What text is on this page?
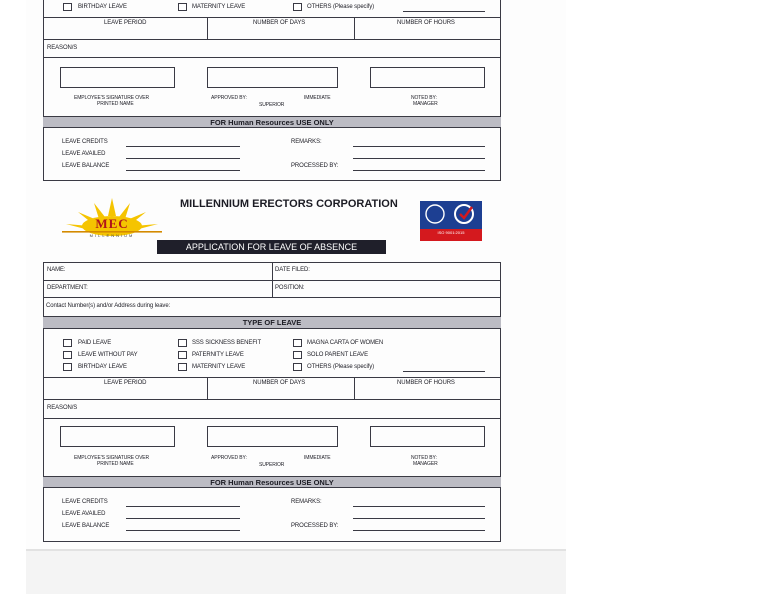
BIRTHDAY LEAVE	MATERNITY LEAVE	OTHERS (Please specify)
LEAVE PERIOD	NUMBER OF DAYS	NUMBER OF HOURS
REASON/S
EMPLOYEE'S SIGNATURE OVER
PRINTED NAME
APPROVED BY:	IMMEDIATE
SUPERIOR
NOTED BY:
MANAGER
FOR Human Resources USE ONLY
LEAVE CREDITS
LEAVE AVAILED
LEAVE BALANCE
REMARKS:
PROCESSED BY:
MEC
MILLENNIUM
MILLENNIUM ERECTORS CORPORATION
APPLICATION FOR LEAVE OF ABSENCE
ISO 9001:2015
NAME:	DATE FILED:
DEPARTMENT:	POSITION:
Contact Number(s) and/or Address during leave:
TYPE OF LEAVE
PAID LEAVE
LEAVE WITHOUT PAY
BIRTHDAY LEAVE
SSS SICKNESS BENEFIT
PATERNITY LEAVE
MATERNITY LEAVE
MAGNA CARTA OF WOMEN
SOLO PARENT LEAVE
OTHERS (Please specify)
LEAVE PERIOD	NUMBER OF DAYS	NUMBER OF HOURS
REASON/S
EMPLOYEE'S SIGNATURE OVER
PRINTED NAME
APPROVED BY:	IMMEDIATE
SUPERIOR
NOTED BY:
MANAGER
FOR Human Resources USE ONLY
LEAVE CREDITS
LEAVE AVAILED
LEAVE BALANCE
REMARKS:
PROCESSED BY:
